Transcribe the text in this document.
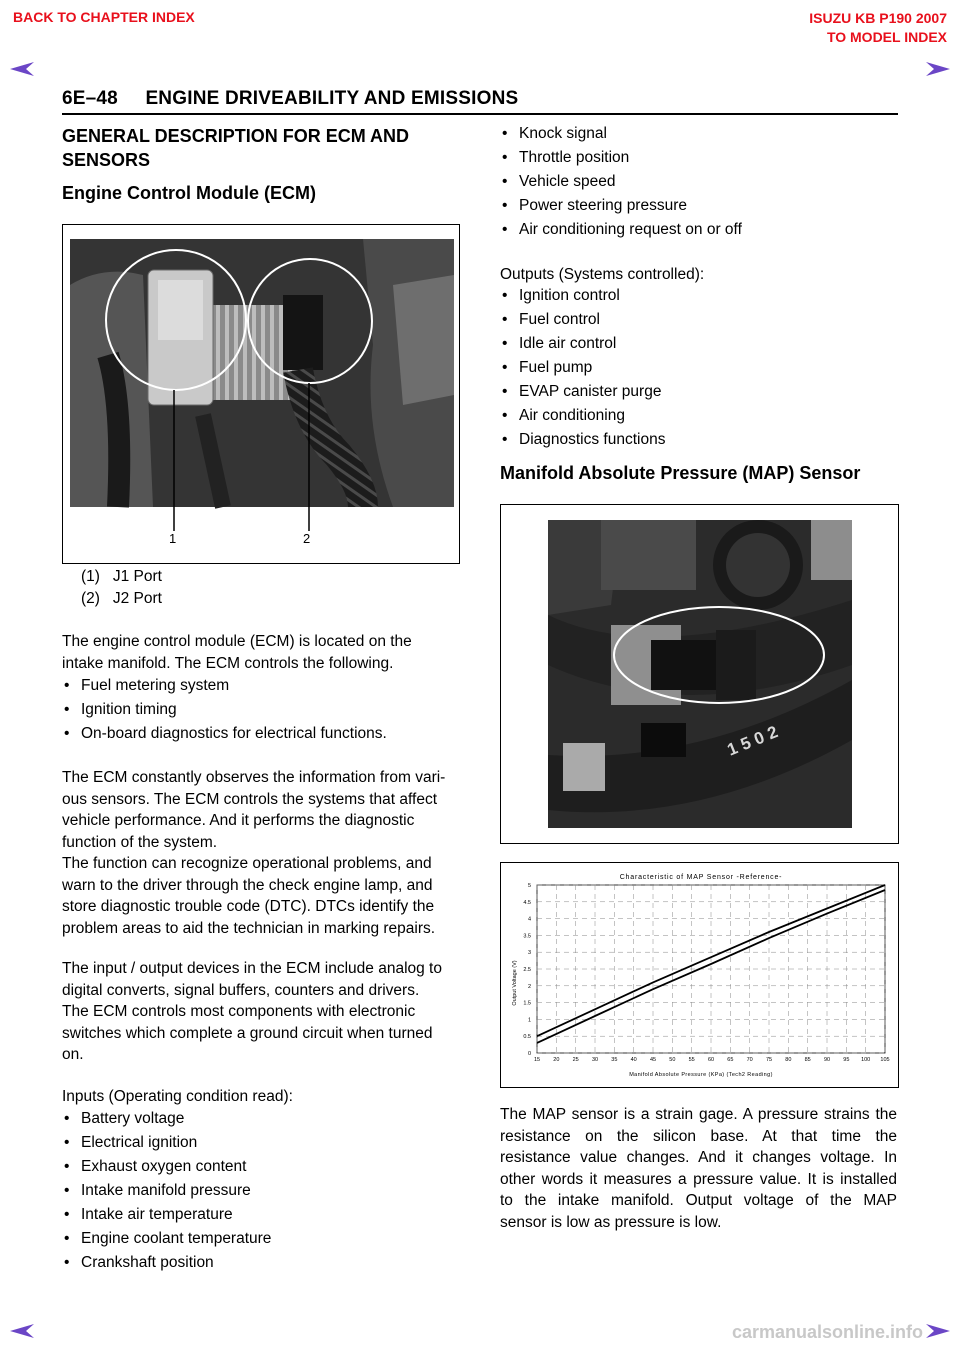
BACK TO CHAPTER INDEX	ISUZU KB P190 2007
TO MODEL INDEX
6E–48 ENGINE DRIVEABILITY AND EMISSIONS
GENERAL DESCRIPTION FOR ECM AND
SENSORS
Engine Control Module (ECM)
1	2
(1) J1 Port
(2) J2 Port
The engine control module (ECM) is located on the
intake manifold. The ECM controls the following.
• Fuel metering system
• Ignition timing
• On-board diagnostics for electrical functions.
The ECM constantly observes the information from vari-
ous sensors. The ECM controls the systems that affect
vehicle performance. And it performs the diagnostic
function of the system.
The function can recognize operational problems, and
warn to the driver through the check engine lamp, and
store diagnostic trouble code (DTC). DTCs identify the
problem areas to aid the technician in marking repairs.
The input / output devices in the ECM include analog to
digital converts, signal buffers, counters and drivers.
The ECM controls most components with electronic
switches which complete a ground circuit when turned
on.
Inputs (Operating condition read):
• Battery voltage
• Electrical ignition
• Exhaust oxygen content
• Intake manifold pressure
• Intake air temperature
• Engine coolant temperature
• Crankshaft position
• Knock signal
• Throttle position
• Vehicle speed
• Power steering pressure
• Air conditioning request on or off
Outputs (Systems controlled):
• Ignition control
• Fuel control
• Idle air control
• Fuel pump
• EVAP canister purge
• Air conditioning
• Diagnostics functions
Manifold Absolute Pressure (MAP) Sensor
1502
Characteristic of MAP Sensor -Reference-
Manifold Absolute Pressure (KPa) (Tech2 Reading)
Output Voltage (V)
15 20 25 30 35 40 45 50 55 60 65 70 75 80 85 90 95 100 105
0
0.5
1
1.5
2
2.5
3
3.5
4
4.5
5
The MAP sensor is a strain gage. A pressure strains the
resistance on the silicon base. At that time the
resistance value changes. And it changes voltage. In
other words it measures a pressure value. It is installed
to the intake manifold. Output voltage of the MAP
sensor is low as pressure is low.
carmanualsonline.info
